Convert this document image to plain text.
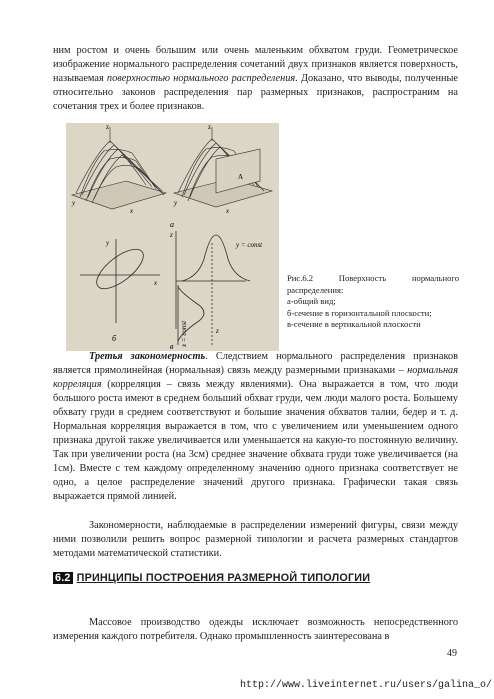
ним ростом и очень большим или очень маленьким обхватом груди. Геометрическое изображение нормального распределения сочетаний двух признаков является поверхность, называемая поверхностью нормального распределения. Доказано, что выводы, полученные относительно законов распределения пар размерных признаков, распространим на сочетания трех и более признаков.

z
y
x
z
y
x
A
а
y
x
б
z
y = const
z
x = const
в
Рис.6.2 Поверхность нормального
распределения:
а-общий вид;
б-сечение в горизонтальной плоскости;
в-сечение в вертикальной плоскости

Третья закономерность. Следствием нормального распределения признаков является прямолинейная (нормальная) связь между размерными признаками – нормальная корреляция (корреляция – связь между явлениями). Она выражается в том, что люди большого роста имеют в среднем больший обхват груди, чем люди малого роста. Большему обхвату груди в среднем соответствуют и большие значения обхватов талии, бедер и т. д. Нормальная корреляция выражается в том, что с увеличением или уменьшением одного признака другой также увеличивается или уменьшается на какую-то постоянную величину. Так при увеличении роста (на 3см) среднее значение обхвата груди тоже увеличивается (на 1см). Вместе с тем каждому определенному значению одного признака соответствует не одно, а целое распределение значений другого признака. Графически такая связь выражается прямой линией.

Закономерности, наблюдаемые в распределении измерений фигуры, связи между ними позволили решить вопрос размерной типологии и расчета размерных стандартов методами математической статистики.

6.2 ПРИНЦИПЫ ПОСТРОЕНИЯ РАЗМЕРНОЙ ТИПОЛОГИИ

Массовое производство одежды исключает возможность непосредственного измерения каждого потребителя. Однако промышленность заинтересована в

49
http://www.liveinternet.ru/users/galina_o/
